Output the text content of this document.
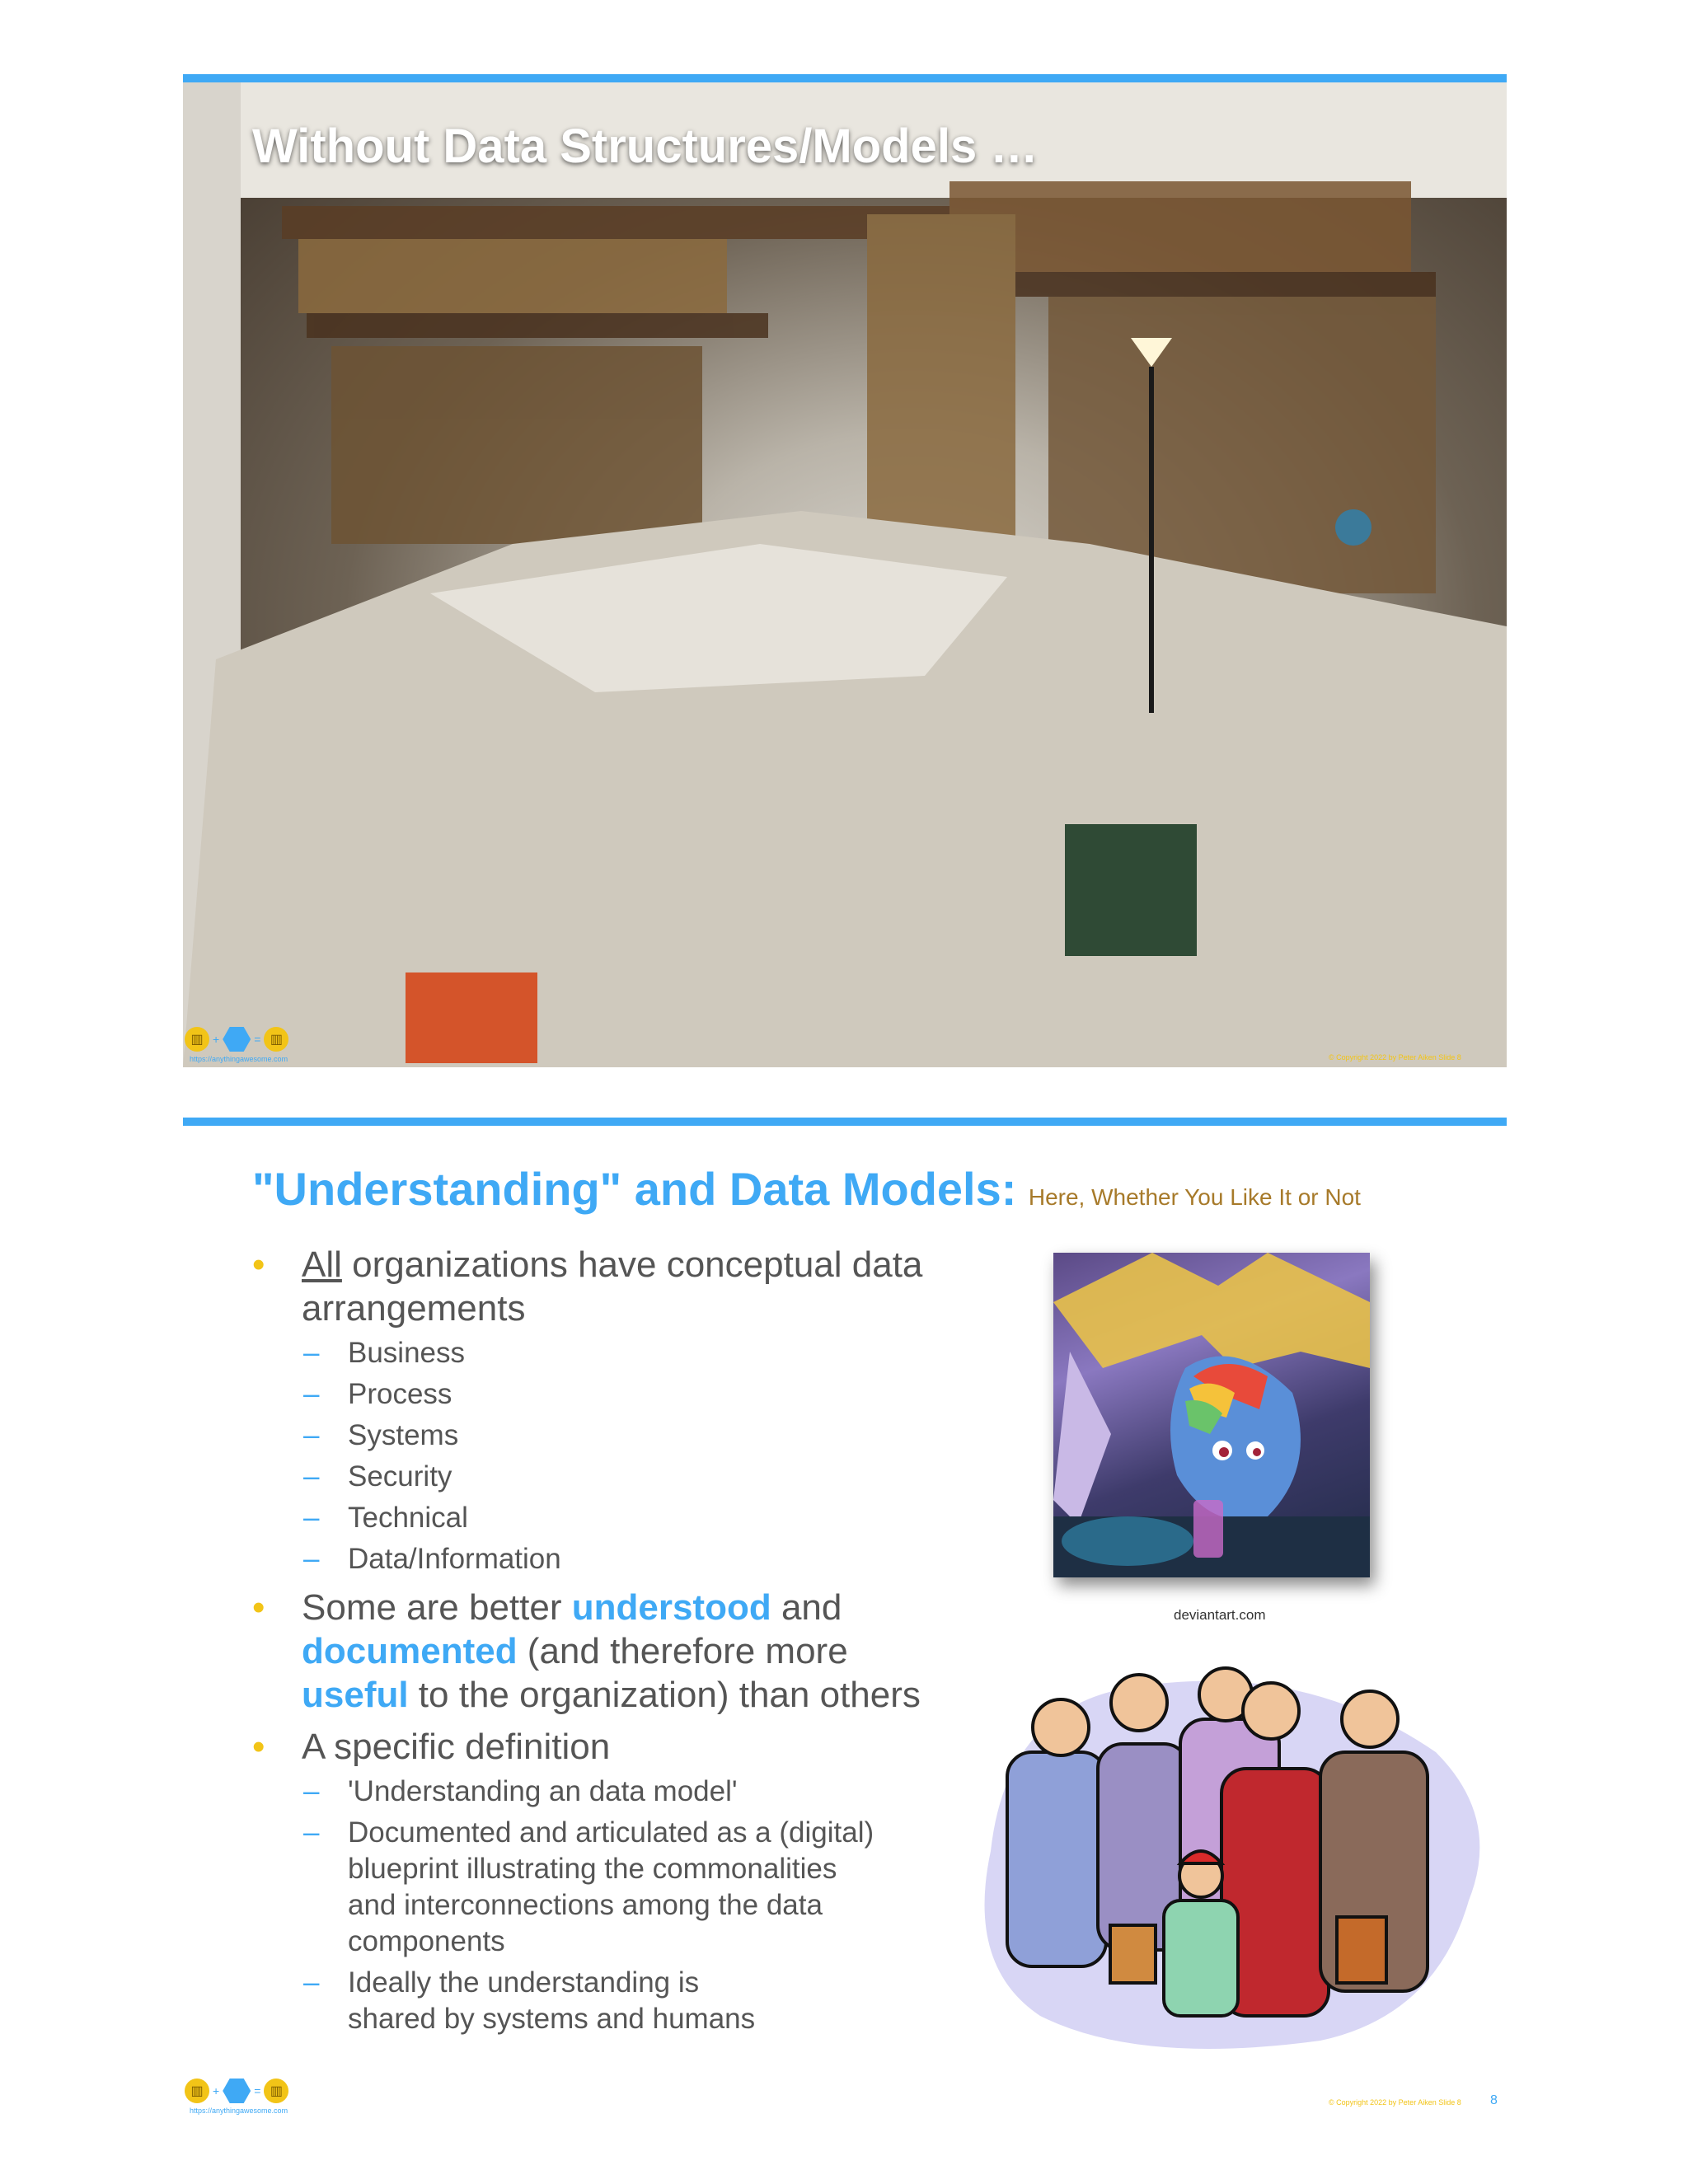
Without Data Structures/Models …
▥ +	= ▥
https://anythingawesome.com	© Copyright 2022 by Peter Aiken Slide 8
"Understanding" and Data Models: Here, Whether You Like It or Not
• All organizations have conceptual data arrangements
– Business
– Process
– Systems
– Security
– Technical
– Data/Information
• Some are better understood and
documented (and therefore more
useful to the organization) than others
• A specific definition
– 'Understanding an data model'
– Documented and articulated as a (digital) blueprint illustrating the commonalities and interconnections among the data components
– Ideally the understanding is shared by systems and humans
deviantart.com
▥ +	= ▥
https://anythingawesome.com
© Copyright 2022 by Peter Aiken Slide 8 8
